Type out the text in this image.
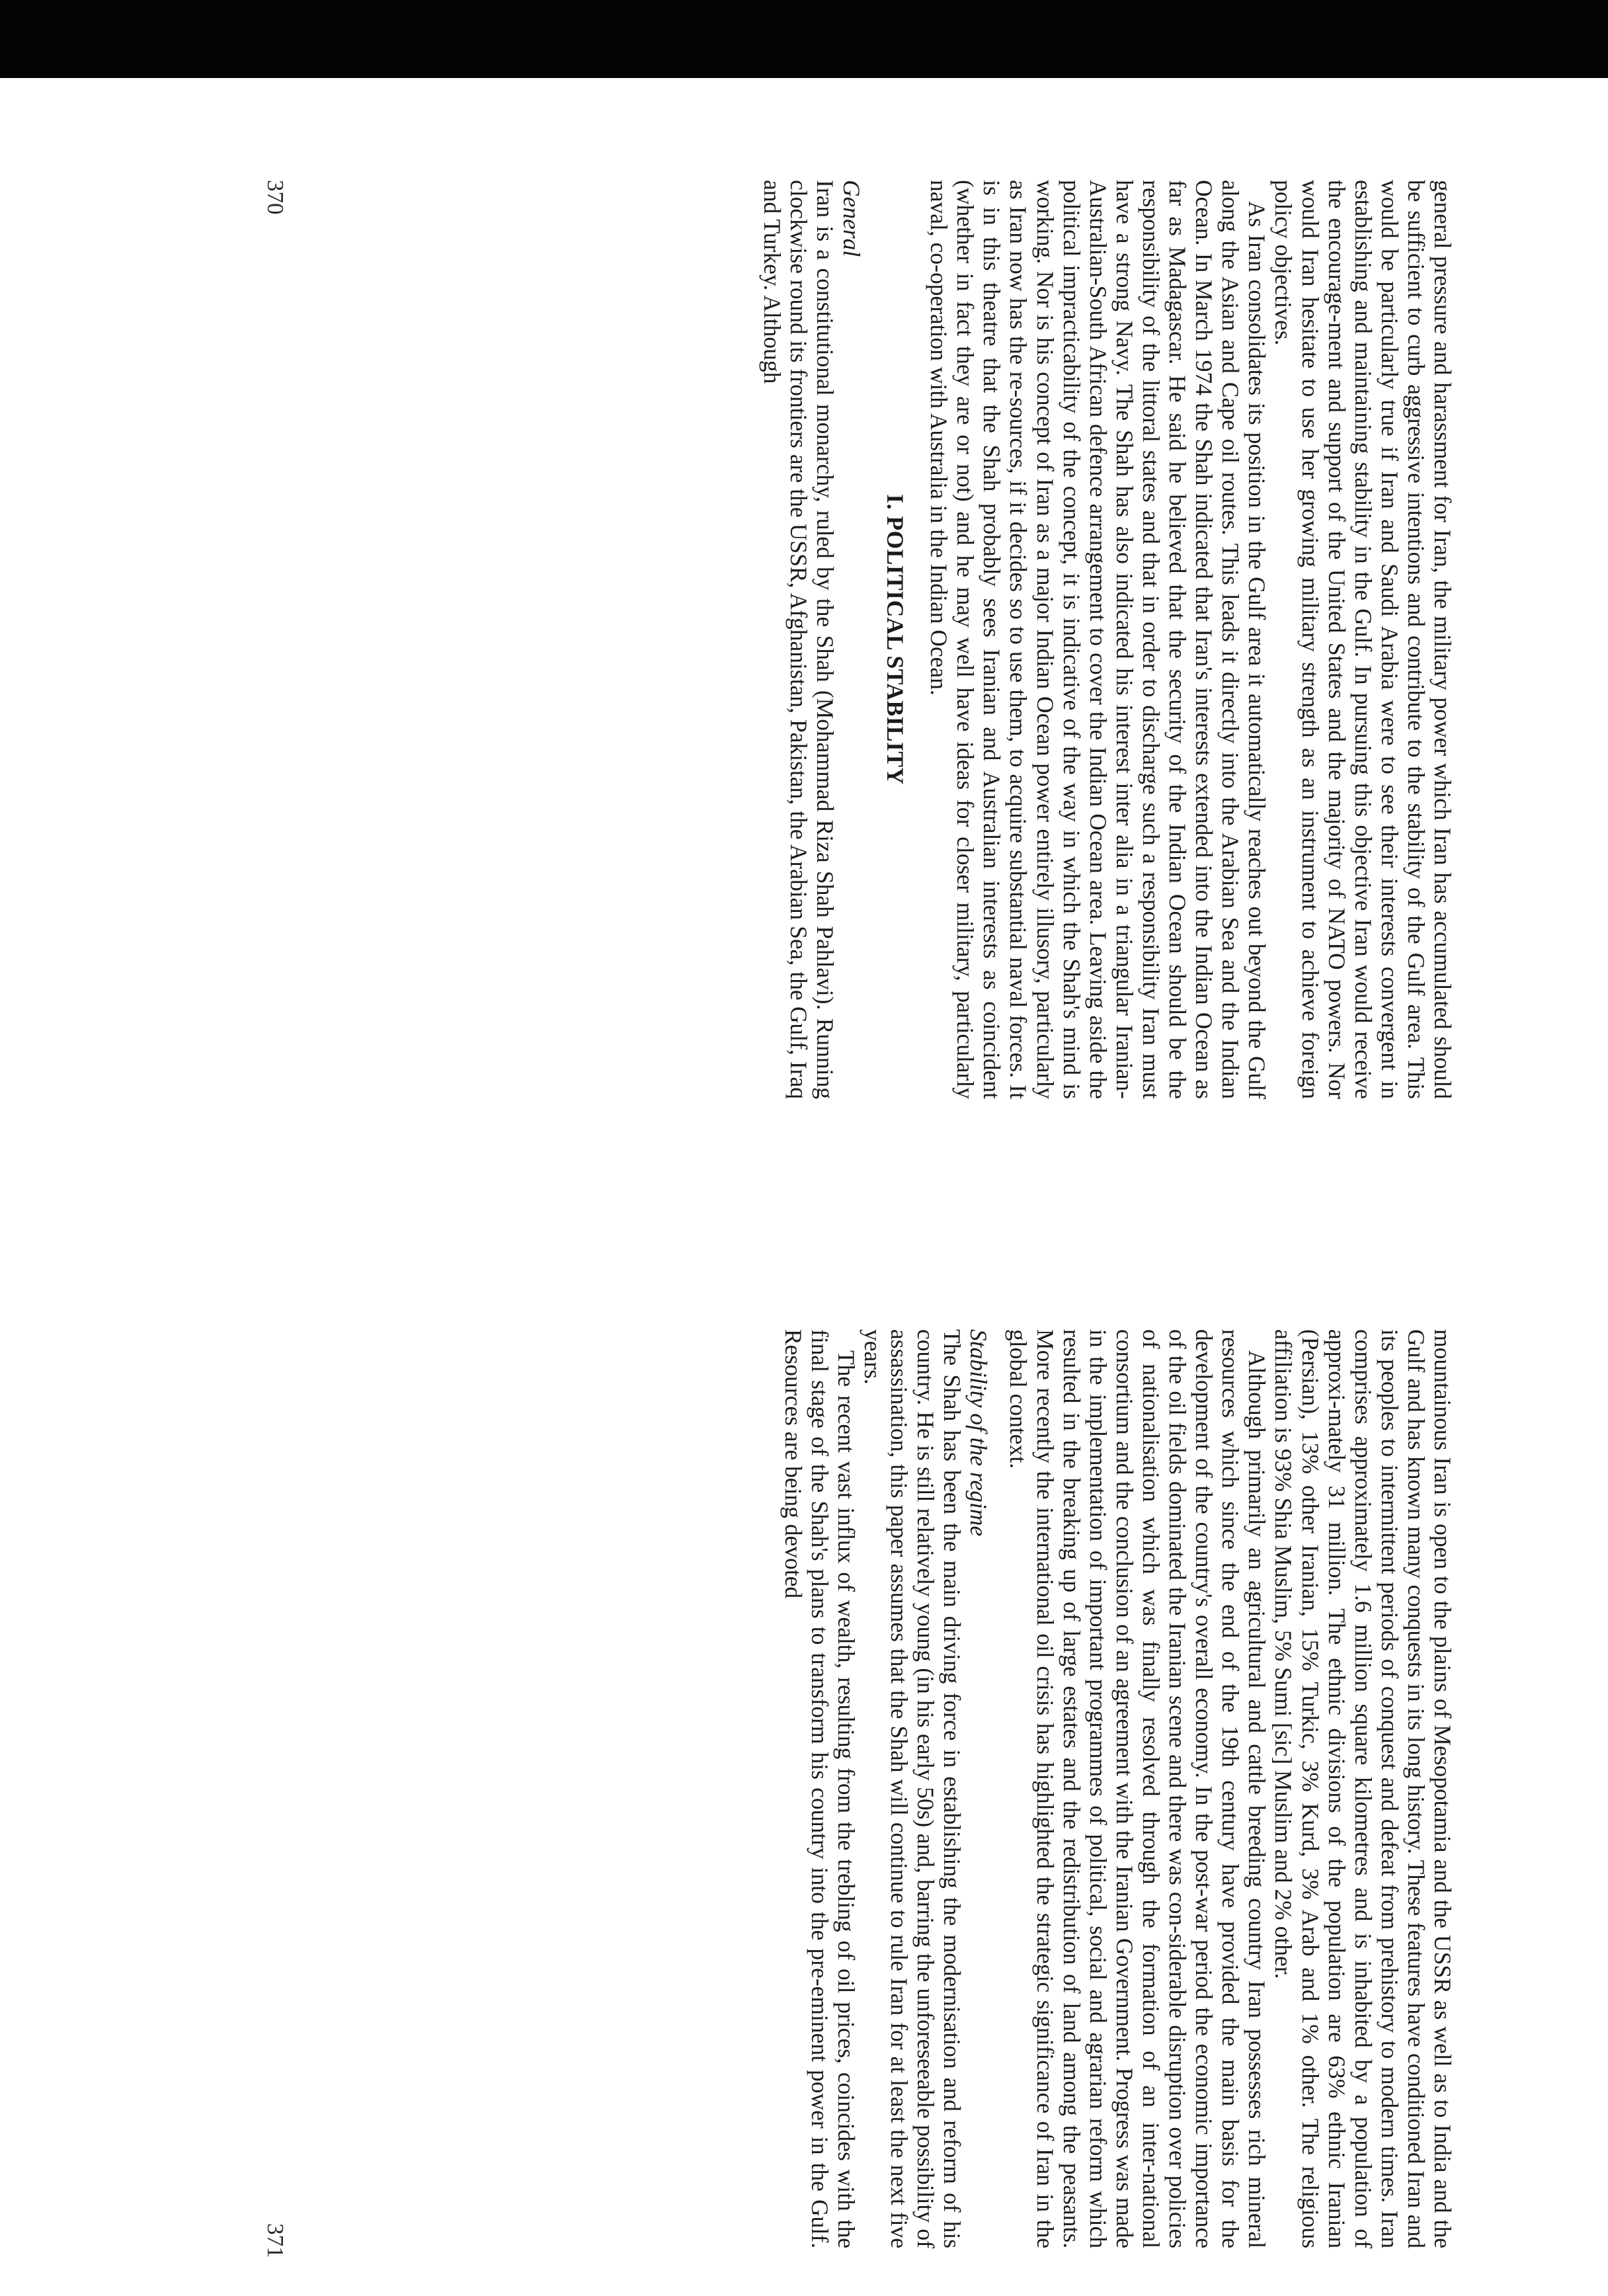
general pressure and harassment for Iran, the military power which Iran has accumulated should be sufficient to curb aggressive intentions and contribute to the stability of the Gulf area. This would be particularly true if Iran and Saudi Arabia were to see their interests convergent in establishing and maintaining stability in the Gulf. In pursuing this objective Iran would receive the encourage-ment and support of the United States and the majority of NATO powers. Nor would Iran hesitate to use her growing military strength as an instrument to achieve foreign policy objectives.

As Iran consolidates its position in the Gulf area it automatically reaches out beyond the Gulf along the Asian and Cape oil routes. This leads it directly into the Arabian Sea and the Indian Ocean. In March 1974 the Shah indicated that Iran's interests extended into the Indian Ocean as far as Madagascar. He said he believed that the security of the Indian Ocean should be the responsibility of the littoral states and that in order to discharge such a responsibility Iran must have a strong Navy. The Shah has also indicated his interest inter alia in a triangular Iranian-Australian-South African defence arrangement to cover the Indian Ocean area. Leaving aside the political impracticability of the concept, it is indicative of the way in which the Shah's mind is working. Nor is his concept of Iran as a major Indian Ocean power entirely illusory, particularly as Iran now has the re-sources, if it decides so to use them, to acquire substantial naval forces. It is in this theatre that the Shah probably sees Iranian and Australian interests as coincident (whether in fact they are or not) and he may well have ideas for closer military, particularly naval, co-operation with Australia in the Indian Ocean.

I. POLITICAL STABILITY
General

Iran is a constitutional monarchy, ruled by the Shah (Mohammad Riza Shah Pahlavi). Running clockwise round its frontiers are the USSR, Afghanistan, Pakistan, the Arabian Sea, the Gulf, Iraq and Turkey. Although

370

mountainous Iran is open to the plains of Mesopotamia and the USSR as well as to India and the Gulf and has known many conquests in its long history. These features have conditioned Iran and its peoples to intermittent periods of conquest and defeat from prehistory to modern times. Iran comprises approximately 1.6 million square kilometres and is inhabited by a population of approxi-mately 31 million. The ethnic divisions of the population are 63% ethnic Iranian (Persian), 13% other Iranian, 15% Turkic, 3% Kurd, 3% Arab and 1% other. The religious affiliation is 93% Shia Muslim, 5% Sumi [sic] Muslim and 2% other.

Although primarily an agricultural and cattle breeding country Iran possesses rich mineral resources which since the end of the 19th century have provided the main basis for the development of the country's overall economy. In the post-war period the economic importance of the oil fields dominated the Iranian scene and there was con-siderable disruption over policies of nationalisation which was finally resolved through the formation of an inter-national consortium and the conclusion of an agreement with the Iranian Government. Progress was made in the implementation of important programmes of political, social and agrarian reform which resulted in the breaking up of large estates and the redistribution of land among the peasants. More recently the international oil crisis has highlighted the strategic significance of Iran in the global context.

Stability of the regime

The Shah has been the main driving force in establishing the modernisation and reform of his country. He is still relatively young (in his early 50s) and, barring the unforeseeable possibility of assassination, this paper assumes that the Shah will continue to rule Iran for at least the next five years.

The recent vast influx of wealth, resulting from the trebling of oil prices, coincides with the final stage of the Shah's plans to transform his country into the pre-eminent power in the Gulf. Resources are being devoted

371
